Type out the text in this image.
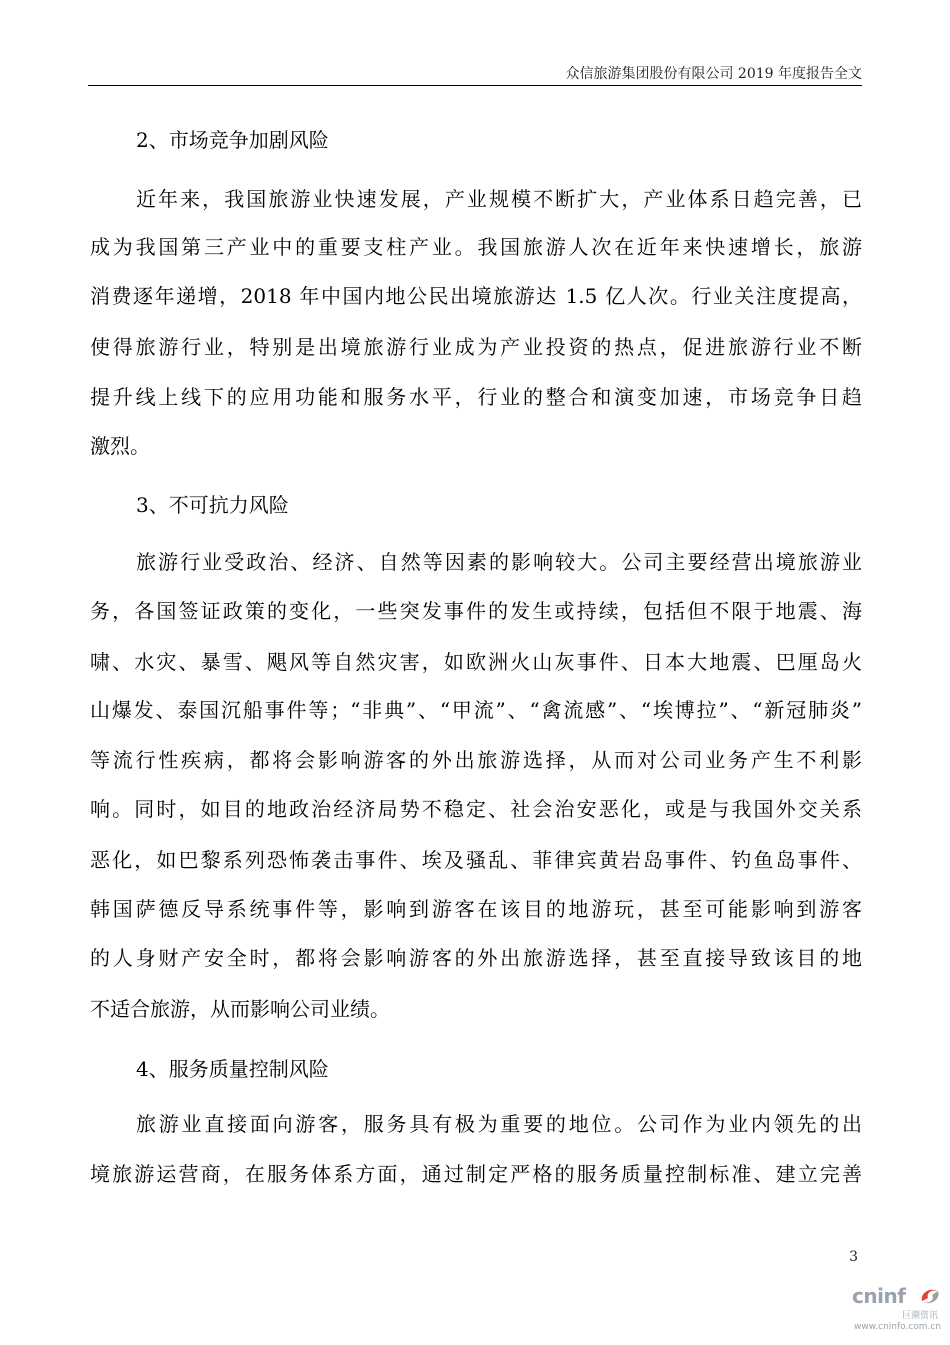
众信旅游集团股份有限公司 2019 年度报告全文
2、市场竞争加剧风险
近年来，我国旅游业快速发展，产业规模不断扩大，产业体系日趋完善，已
成为我国第三产业中的重要支柱产业。我国旅游人次在近年来快速增长，旅游
消费逐年递增，2018 年中国内地公民出境旅游达 1.5 亿人次。行业关注度提高，
使得旅游行业，特别是出境旅游行业成为产业投资的热点，促进旅游行业不断
提升线上线下的应用功能和服务水平，行业的整合和演变加速，市场竞争日趋
激烈。
3、不可抗力风险
旅游行业受政治、经济、自然等因素的影响较大。公司主要经营出境旅游业
务，各国签证政策的变化，一些突发事件的发生或持续，包括但不限于地震、海
啸、水灾、暴雪、飓风等自然灾害，如欧洲火山灰事件、日本大地震、巴厘岛火
山爆发、泰国沉船事件等；“非典”、“甲流”、“禽流感”、“埃博拉”、“新冠肺炎”
等流行性疾病，都将会影响游客的外出旅游选择，从而对公司业务产生不利影
响。同时，如目的地政治经济局势不稳定、社会治安恶化，或是与我国外交关系
恶化，如巴黎系列恐怖袭击事件、埃及骚乱、菲律宾黄岩岛事件、钓鱼岛事件、
韩国萨德反导系统事件等，影响到游客在该目的地游玩，甚至可能影响到游客
的人身财产安全时，都将会影响游客的外出旅游选择，甚至直接导致该目的地
不适合旅游，从而影响公司业绩。
4、服务质量控制风险
旅游业直接面向游客，服务具有极为重要的地位。公司作为业内领先的出
境旅游运营商，在服务体系方面，通过制定严格的服务质量控制标准、建立完善
3
cninf
巨潮资讯
www.cninfo.com.cn
